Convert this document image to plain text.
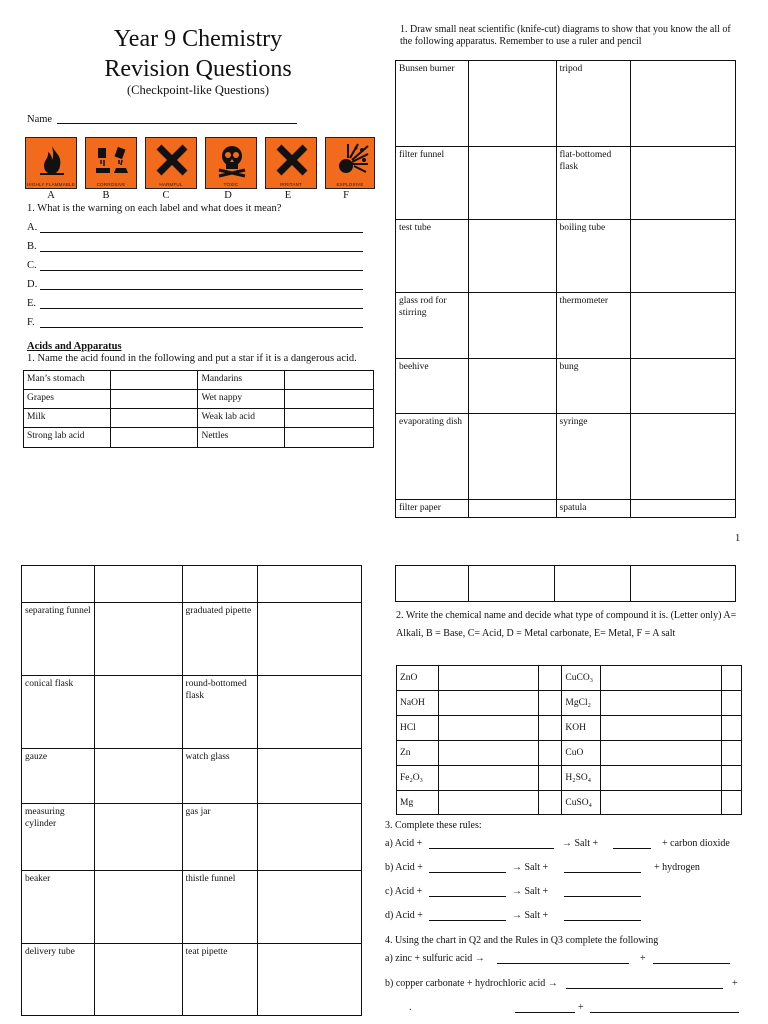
Year 9 Chemistry
Revision Questions
(Checkpoint-like Questions)
Name
HIGHLY FLAMMABLE	CORROSIVE	HARMFUL	TOXIC	IRRITANT	EXPLOSIVE
A	B	C	D	E	F
1. What is the warning on each label and what does it mean?
A.
B.
C.
D.
E.
F.
Acids and Apparatus
1. Name the acid found in the following and put a star if it is a dangerous acid.
Man’s stomach		Mandarins	
Grapes		Wet nappy	
Milk		Weak lab acid	
Strong lab acid		Nettles	
1. Draw small neat scientific (knife-cut) diagrams to show that you know the all of the following apparatus. Remember to use a ruler and pencil
Bunsen burner		tripod	
filter funnel		flat-bottomed flask	
test tube		boiling tube	
glass rod for stirring		thermometer	
beehive		bung	
evaporating dish		syringe	
filter paper		spatula	
1

separating funnel		graduated pipette	
conical flask		round-bottomed flask	
gauze		watch glass	
measuring cylinder		gas jar	
beaker		thistle funnel	
delivery tube		teat pipette	

2. Write the chemical name and decide what type of compound it is. (Letter only) A= Alkali, B = Base, C= Acid, D = Metal carbonate, E= Metal, F = A salt
ZnO			CuCO₃		
NaOH			MgCl₂		
HCl			KOH		
Zn			CuO		
Fe₂O₃			H₂SO₄		
Mg			CuSO₄		
3. Complete these rules:
a) Acid +	→ Salt +	+ carbon dioxide
b) Acid +	→ Salt +	+ hydrogen
c) Acid +	→ Salt +
d) Acid +	→ Salt +
4. Using the chart in Q2 and the Rules in Q3 complete the following
a) zinc + sulfuric acid →	+
b) copper carbonate + hydrochloric acid →	+
.	+
